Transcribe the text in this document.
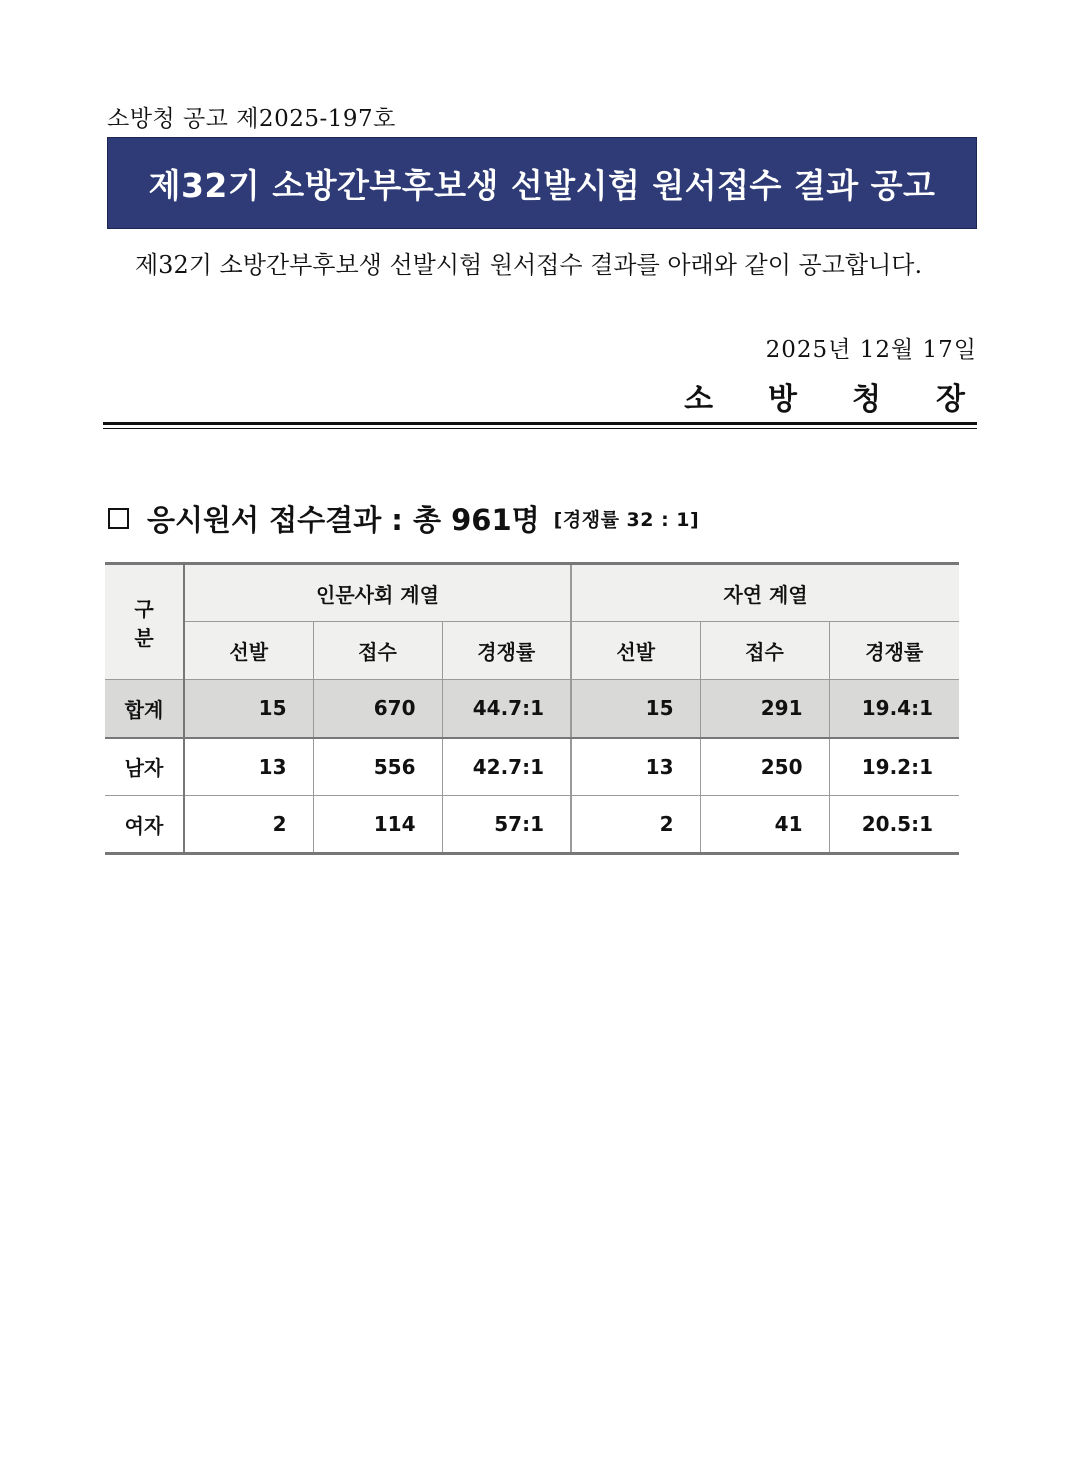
소방청 공고 제2025-197호
제32기 소방간부후보생 선발시험 원서접수 결과 공고
제32기 소방간부후보생 선발시험 원서접수 결과를 아래와 같이 공고합니다.
2025년 12월 17일
소방청장
응시원서 접수결과 : 총 961명 [경쟁률 32 : 1]
구 분	인문사회 계열			자연 계열		
	선발	접수	경쟁률	선발	접수	경쟁률
합계	15	670	44.7:1	15	291	19.4:1
남자	13	556	42.7:1	13	250	19.2:1
여자	2	114	57:1	2	41	20.5:1
